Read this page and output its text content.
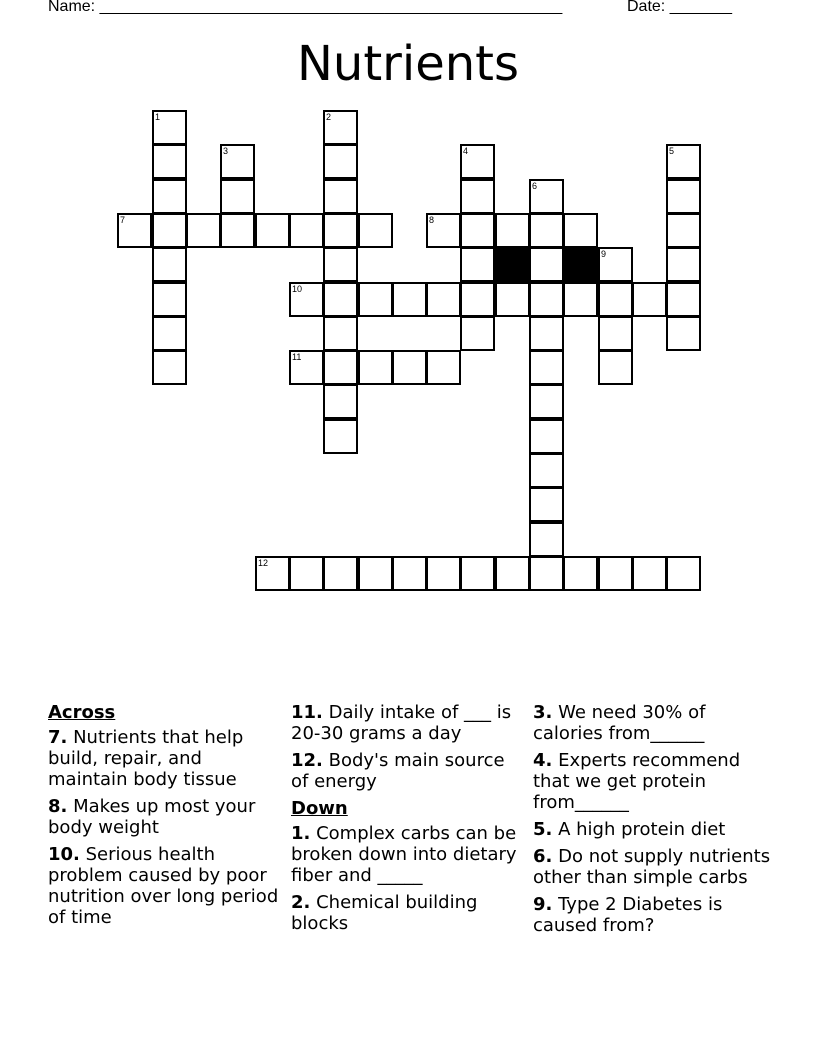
Name: ____________________________________________________	Date: _______
Nutrients
1	2
3	4	5
6
7	8
9
10
11
12
Across
7. Nutrients that help build, repair, and maintain body tissue
8. Makes up most your body weight
10. Serious health problem caused by poor nutrition over long period of time
11. Daily intake of ___ is 20-30 grams a day
12. Body's main source of energy
Down
1. Complex carbs can be broken down into dietary fiber and _____
2. Chemical building blocks
3. We need 30% of calories from______
4. Experts recommend that we get protein from______
5. A high protein diet
6. Do not supply nutrients other than simple carbs
9. Type 2 Diabetes is caused from?
